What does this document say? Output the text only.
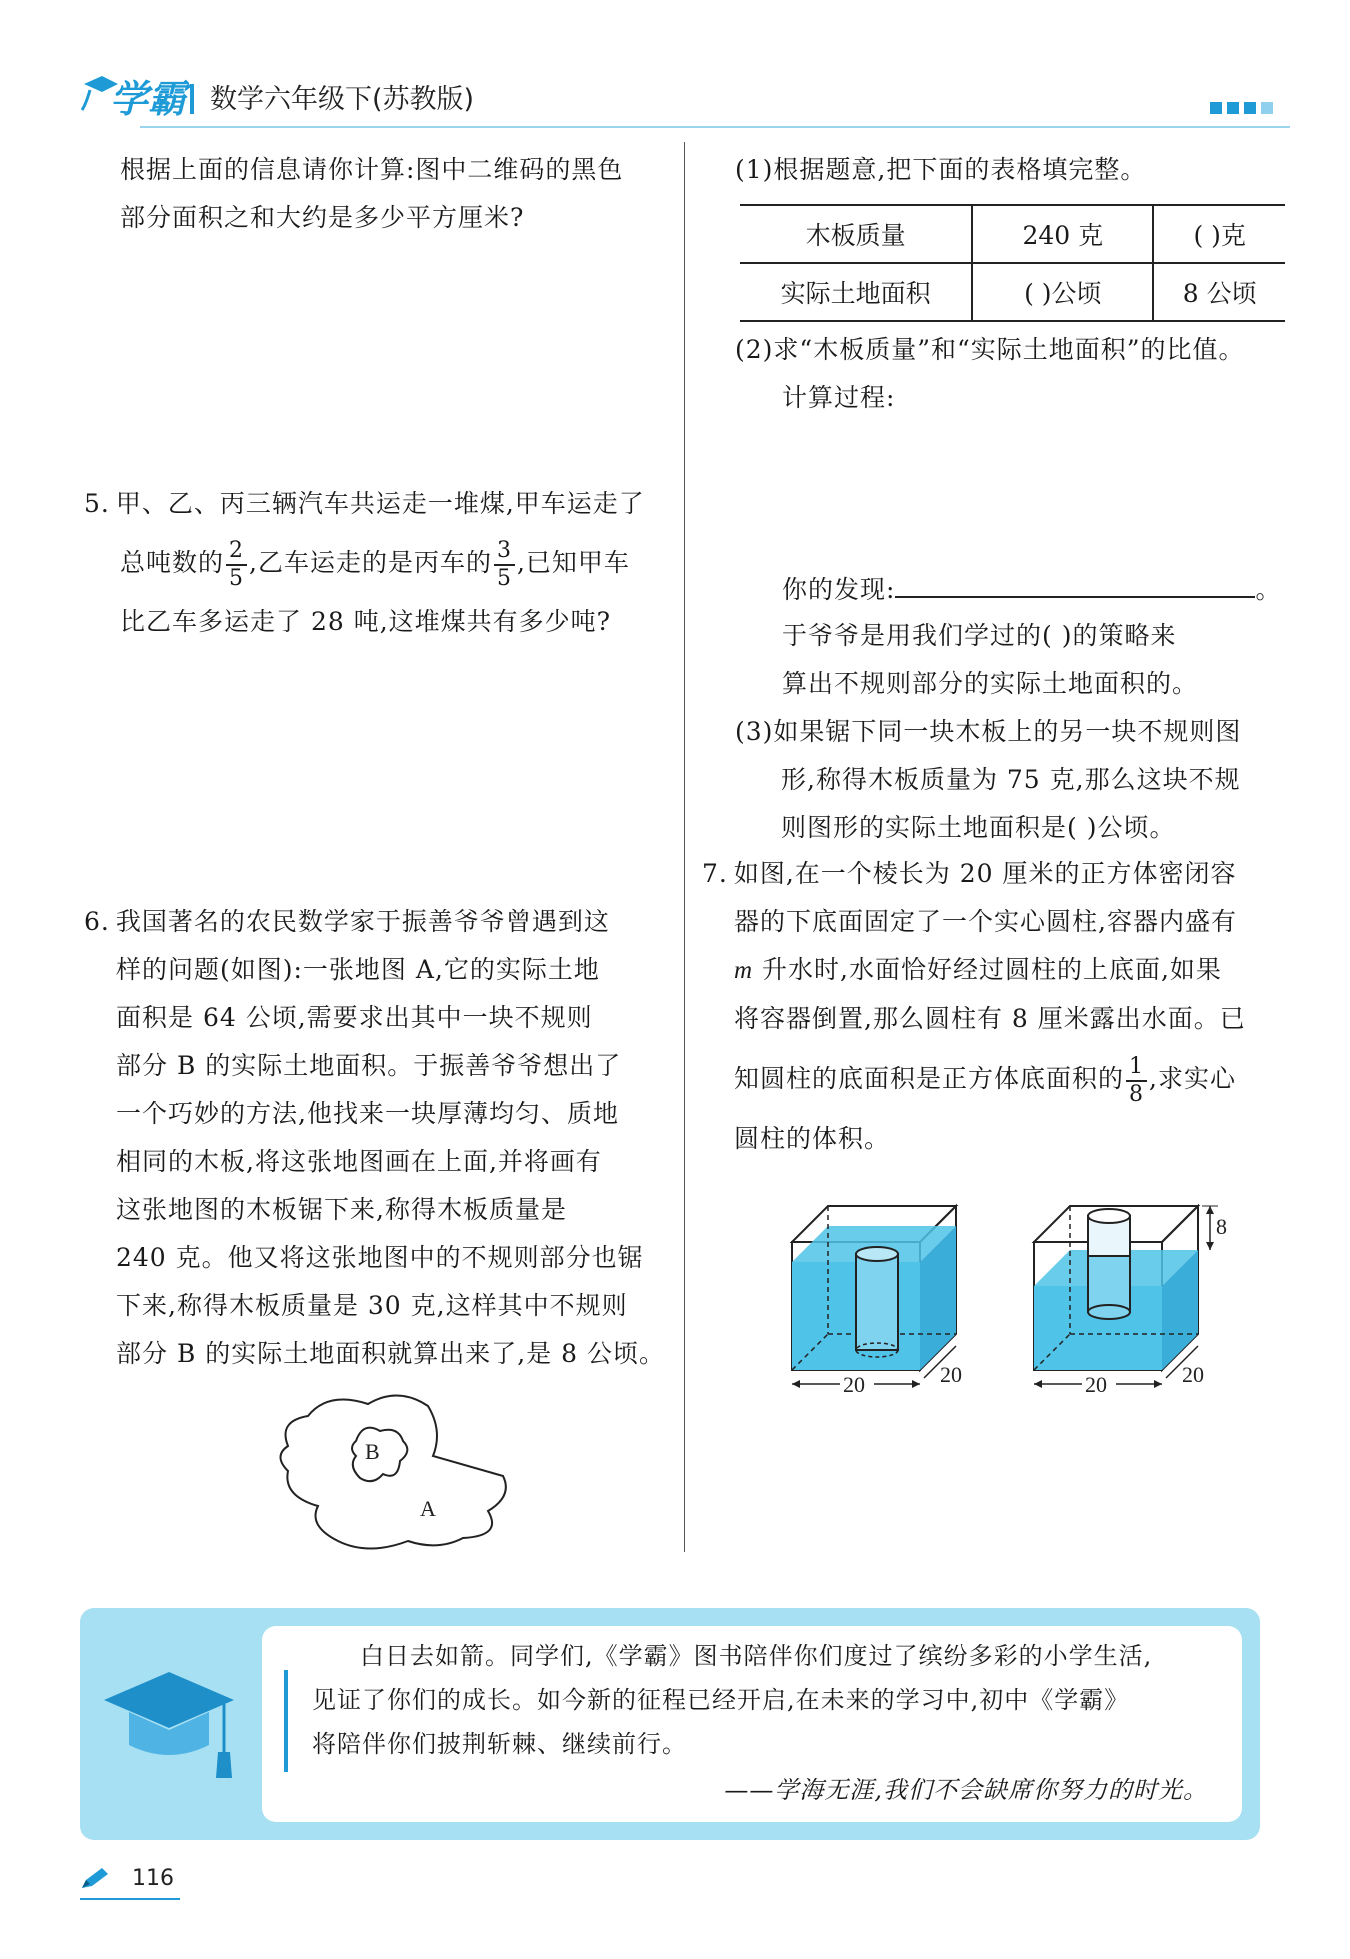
学霸 数学六年级下(苏教版)
根据上面的信息请你计算:图中二维码的黑色
部分面积之和大约是多少平方厘米?
5. 甲、乙、丙三辆汽车共运走一堆煤,甲车运走了
总吨数的 $\frac{2}{5}$ ,乙车运走的是丙车的 $\frac{3}{5}$ ,已知甲车
比乙车多运走了 28 吨,这堆煤共有多少吨?
6. 我国著名的农民数学家于振善爷爷曾遇到这
样的问题(如图):一张地图 A,它的实际土地
面积是 64 公顷,需要求出其中一块不规则
部分 B 的实际土地面积。于振善爷爷想出了
一个巧妙的方法,他找来一块厚薄均匀、质地
相同的木板,将这张地图画在上面,并将画有
这张地图的木板锯下来,称得木板质量是
240 克。他又将这张地图中的不规则部分也锯
下来,称得木板质量是 30 克,这样其中不规则
部分 B 的实际土地面积就算出来了,是 8 公顷。
B
A
(1)根据题意,把下面的表格填完整。
木板质量	240 克	( )克
实际土地面积	( )公顷	8 公顷
(2)求“木板质量”和“实际土地面积”的比值。
计算过程:
你的发现:	。
于爷爷是用我们学过的( )的策略来
算出不规则部分的实际土地面积的。
(3)如果锯下同一块木板上的另一块不规则图
形,称得木板质量为 75 克,那么这块不规
则图形的实际土地面积是( )公顷。
7. 如图,在一个棱长为 20 厘米的正方体密闭容
器的下底面固定了一个实心圆柱,容器内盛有
m 升水时,水面恰好经过圆柱的上底面,如果
将容器倒置,那么圆柱有 8 厘米露出水面。已
知圆柱的底面积是正方体底面积的 $\frac{1}{8}$ ,求实心
圆柱的体积。
20	20
8
20	20
白日去如箭。同学们,《学霸》图书陪伴你们度过了缤纷多彩的小学生活,
见证了你们的成长。如今新的征程已经开启,在未来的学习中,初中《学霸》
将陪伴你们披荆斩棘、继续前行。
——学海无涯,我们不会缺席你努力的时光。
116
